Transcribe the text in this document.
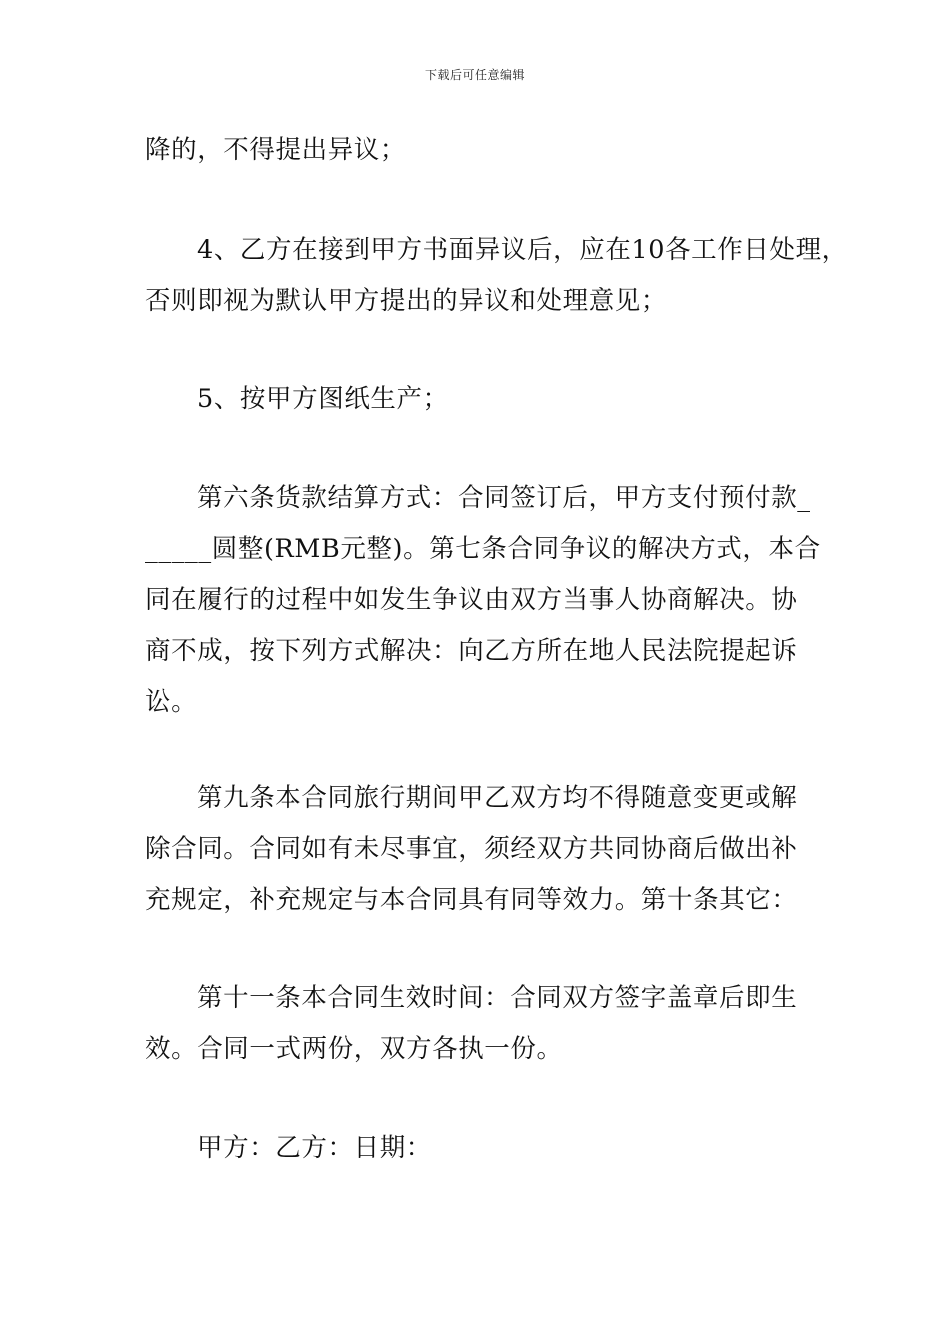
下载后可任意编辑
降的，不得提出异议；
4、乙方在接到甲方书面异议后，应在10各工作日处理，
否则即视为默认甲方提出的异议和处理意见；
5、按甲方图纸生产；
第六条货款结算方式：合同签订后，甲方支付预付款_
_____圆整(RMB元整)。第七条合同争议的解决方式，本合
同在履行的过程中如发生争议由双方当事人协商解决。协
商不成，按下列方式解决：向乙方所在地人民法院提起诉
讼。
第九条本合同旅行期间甲乙双方均不得随意变更或解
除合同。合同如有未尽事宜，须经双方共同协商后做出补
充规定，补充规定与本合同具有同等效力。第十条其它：
第十一条本合同生效时间：合同双方签字盖章后即生
效。合同一式两份，双方各执一份。
甲方：乙方：日期：
